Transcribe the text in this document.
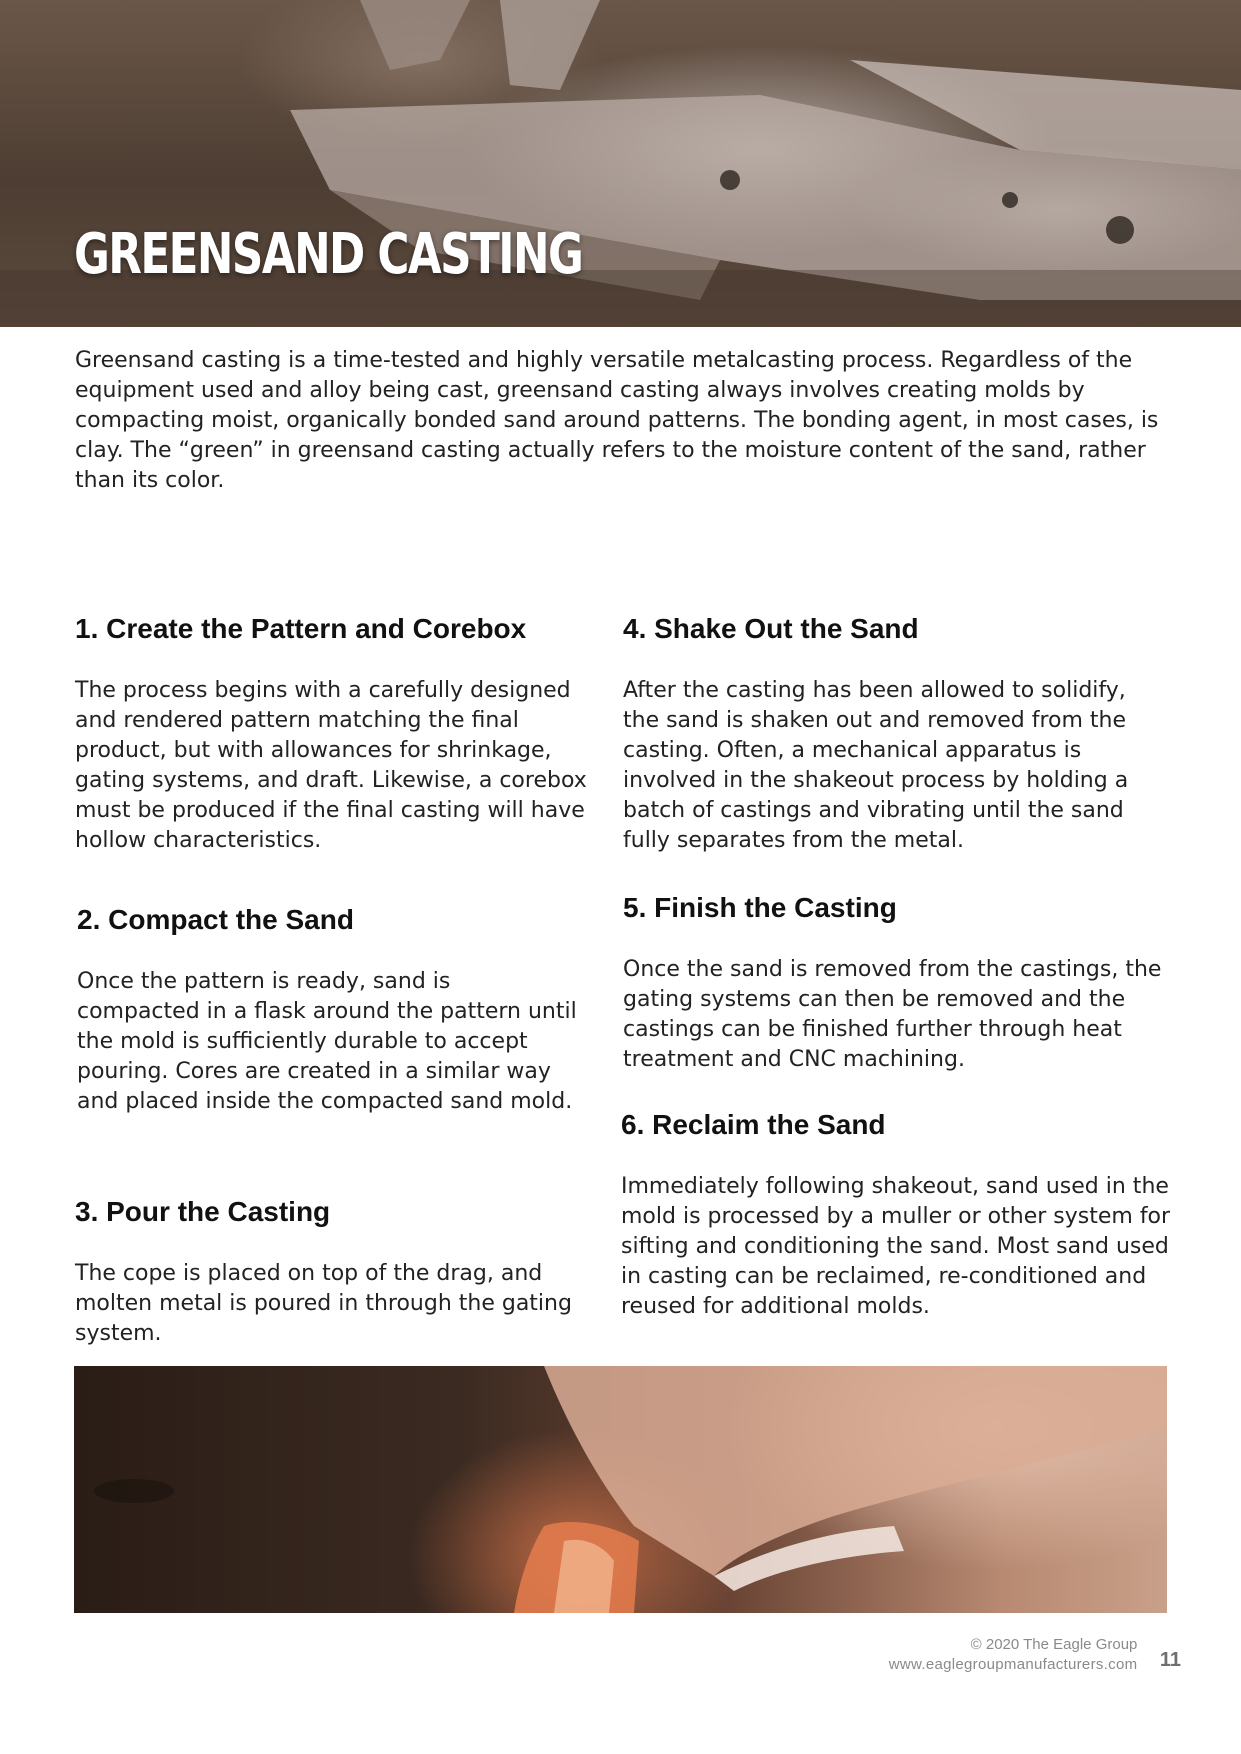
GREENSAND CASTING

Greensand casting is a time-tested and highly versatile metalcasting process. Regardless of the equipment used and alloy being cast, greensand casting always involves creating molds by compacting moist, organically bonded sand around patterns. The bonding agent, in most cases, is clay. The “green” in greensand casting actually refers to the moisture content of the sand, rather than its color.

1. Create the Pattern and Corebox

The process begins with a carefully designed and rendered pattern matching the final product, but with allowances for shrinkage, gating systems, and draft. Likewise, a corebox must be produced if the final casting will have hollow characteristics.

2. Compact the Sand

Once the pattern is ready, sand is compacted in a flask around the pattern until the mold is sufficiently durable to accept pouring. Cores are created in a similar way and placed inside the compacted sand mold.

3. Pour the Casting

The cope is placed on top of the drag, and molten metal is poured in through the gating system.

4. Shake Out the Sand

After the casting has been allowed to solidify, the sand is shaken out and removed from the casting. Often, a mechanical apparatus is involved in the shakeout process by holding a batch of castings and vibrating until the sand fully separates from the metal.

5. Finish the Casting

Once the sand is removed from the castings, the gating systems can then be removed and the castings can be finished further through heat treatment and CNC machining.

6. Reclaim the Sand

Immediately following shakeout, sand used in the mold is processed by a muller or other system for sifting and conditioning the sand. Most sand used in casting can be reclaimed, re-conditioned and reused for additional molds.

© 2020 The Eagle Group
www.eaglegroupmanufacturers.com 11
